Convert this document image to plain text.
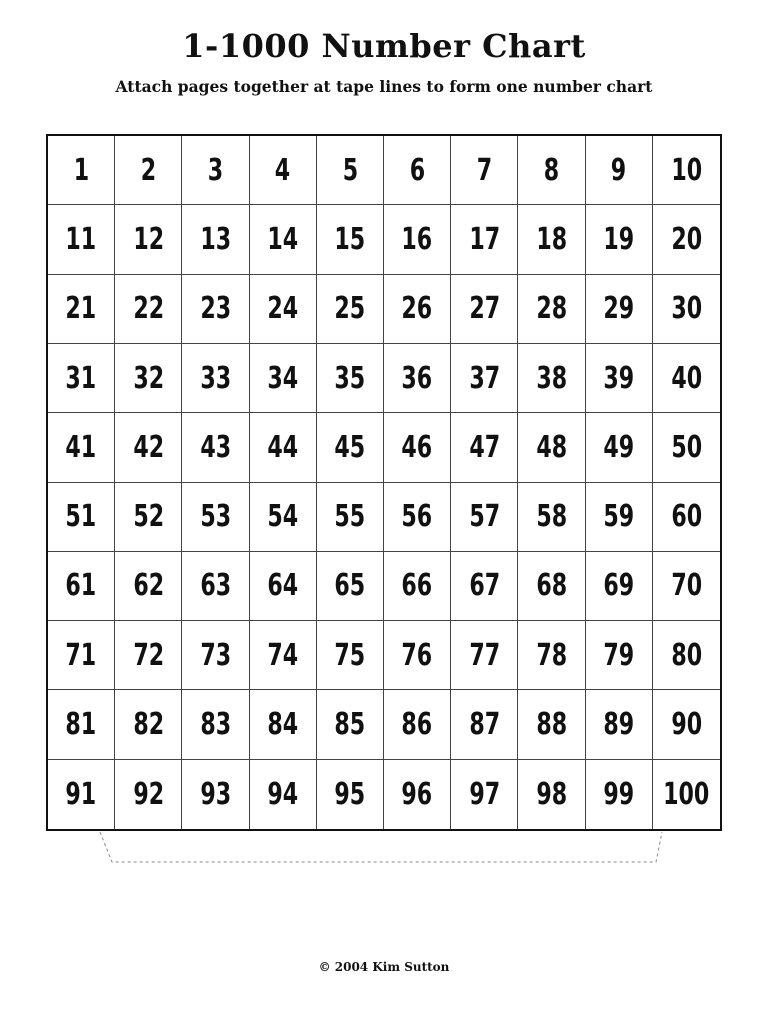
1-1000 Number Chart
Attach pages together at tape lines to form one number chart
1 2 3 4 5 6 7 8 9 10
11 12 13 14 15 16 17 18 19 20
21 22 23 24 25 26 27 28 29 30
31 32 33 34 35 36 37 38 39 40
41 42 43 44 45 46 47 48 49 50
51 52 53 54 55 56 57 58 59 60
61 62 63 64 65 66 67 68 69 70
71 72 73 74 75 76 77 78 79 80
81 82 83 84 85 86 87 88 89 90
91 92 93 94 95 96 97 98 99 100
© 2004 Kim Sutton
